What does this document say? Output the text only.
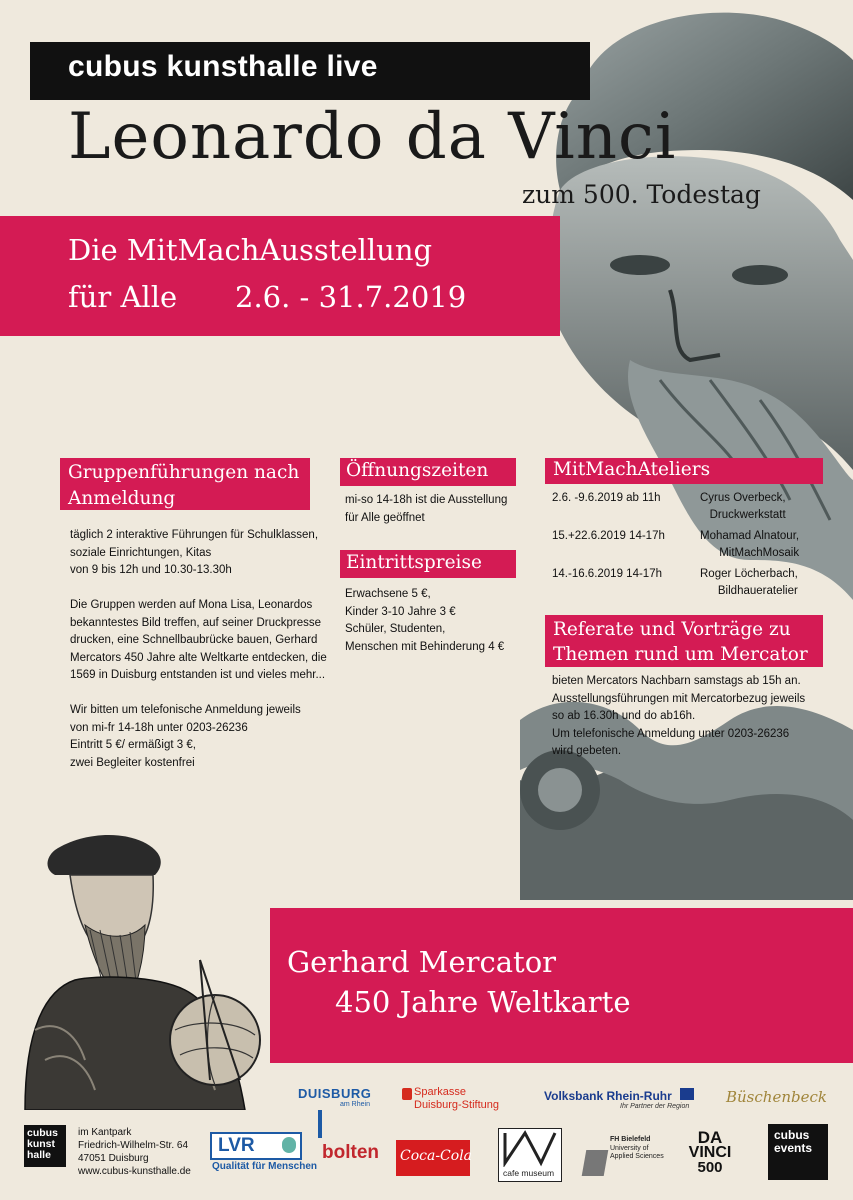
cubus kunsthalle live
Leonardo da Vinci
zum 500. Todestag
Die MitMachAusstellung
für Alle 2.6. - 31.7.2019
Gruppenführungen nach Anmeldung
täglich 2 interaktive Führungen für Schulklassen,
soziale Einrichtungen, Kitas
von 9 bis 12h und 10.30-13.30h
Die Gruppen werden auf Mona Lisa, Leonardos
bekanntestes Bild treffen, auf seiner Druckpresse
drucken, eine Schnellbaubrücke bauen, Gerhard
Mercators 450 Jahre alte Weltkarte entdecken, die
1569 in Duisburg entstanden ist und vieles mehr...
Wir bitten um telefonische Anmeldung jeweils
von mi-fr 14-18h unter 0203-26236
Eintritt 5 €/ ermäßigt 3 €,
zwei Begleiter kostenfrei
Öffnungszeiten
mi-so 14-18h ist die Ausstellung
für Alle geöffnet
Eintrittspreise
Erwachsene 5 €,
Kinder 3-10 Jahre 3 €
Schüler, Studenten,
Menschen mit Behinderung 4 €
MitMachAteliers
2.6. -9.6.2019 ab 11h	Cyrus Overbeck,
Druckwerkstatt
15.+22.6.2019 14-17h	Mohamad Alnatour,
MitMachMosaik
14.-16.6.2019 14-17h	Roger Löcherbach,
Bildhaueratelier
Referate und Vorträge zu Themen rund um Mercator
bieten Mercators Nachbarn samstags ab 15h an.
Ausstellungsführungen mit Mercatorbezug jeweils
so ab 16.30h und do ab16h.
Um telefonische Anmeldung unter 0203-26236
wird gebeten.
Gerhard Mercator
450 Jahre Weltkarte
cubus
kunst
halle
im Kantpark
Friedrich-Wilhelm-Str. 64
47051 Duisburg
www.cubus-kunsthalle.de
DUISBURG
am Rhein
Sparkasse
Duisburg-Stiftung
Volksbank Rhein-Ruhr
Ihr Partner der Region
Büschenbeck
LVR
Qualität für Menschen
bolten Coca-Cola
cafe museum
FH Bielefeld
University of
Applied Sciences
DA
VINCI
500
cubus
events
